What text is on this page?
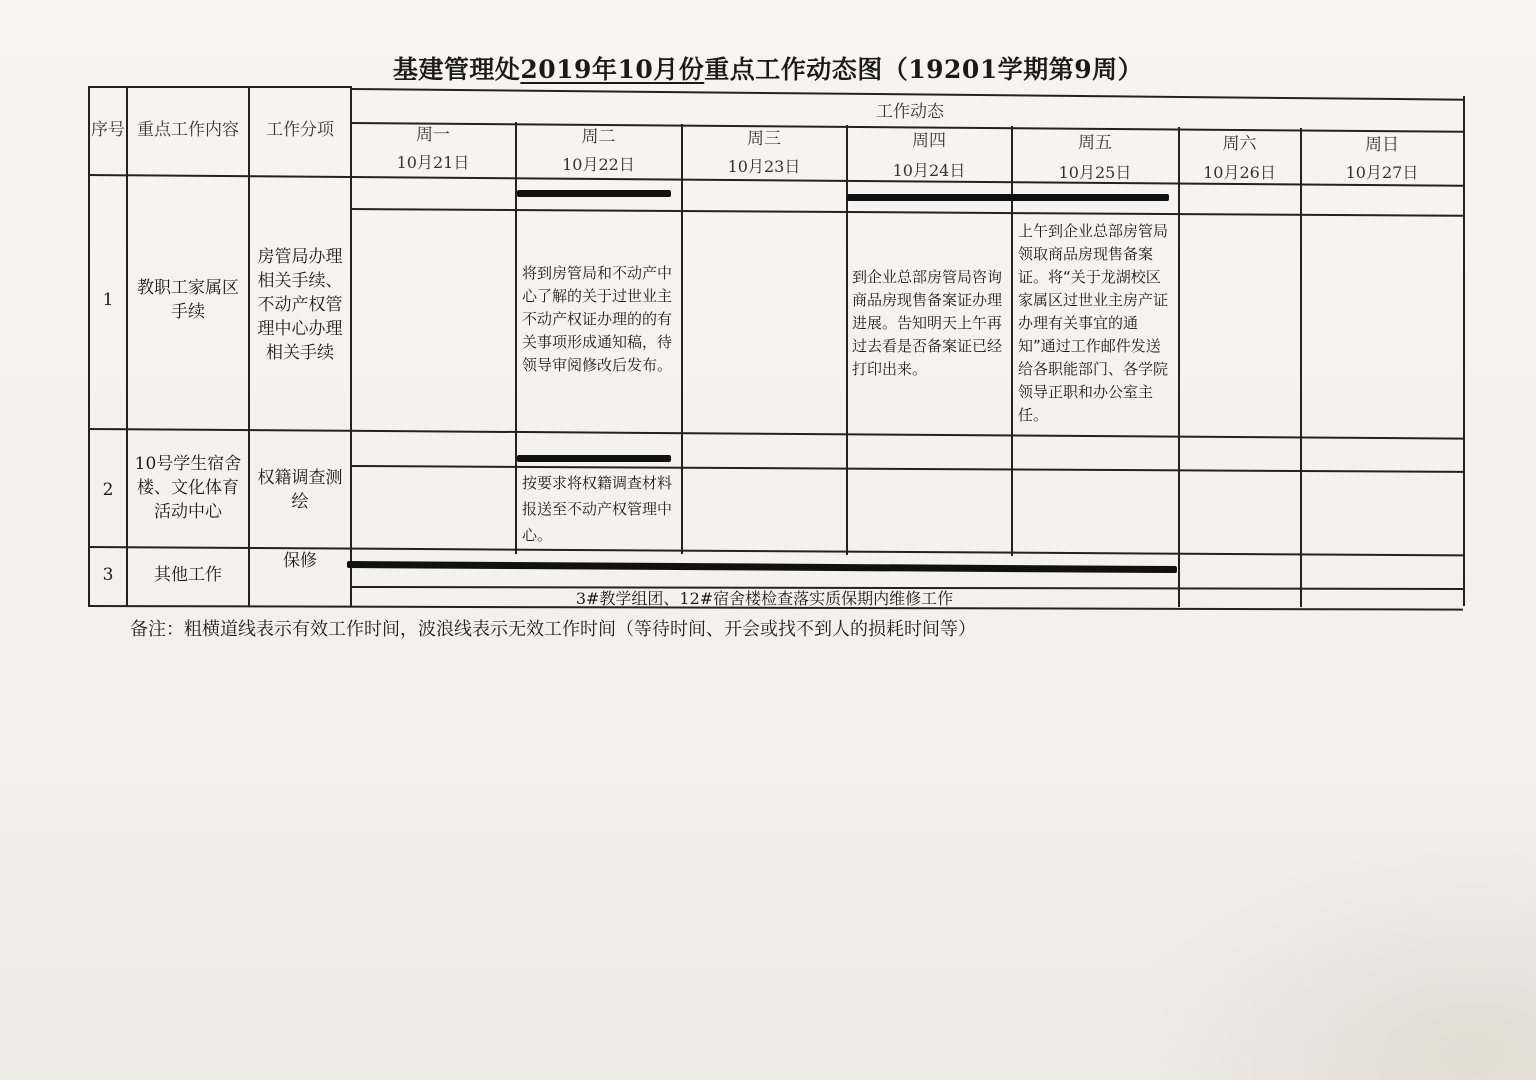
基建管理处2019年10月份重点工作动态图（19201学期第9周）
序号 重点工作内容	工作分项
工作动态
周一
10月21日
周二
10月22日
周三
10月23日
周四
10月24日
周五
10月25日
周六
10月26日
周日
10月27日
1
教职工家属区手续
房管局办理相关手续、不动产权管理中心办理相关手续
将到房管局和不动产中心了解的关于过世业主不动产权证办理的的有关事项形成通知稿，待领导审阅修改后发布。
到企业总部房管局咨询商品房现售备案证办理进展。告知明天上午再过去看是否备案证已经打印出来。
上午到企业总部房管局领取商品房现售备案证。将“关于龙湖校区家属区过世业主房产证办理有关事宜的通知”通过工作邮件发送给各职能部门、各学院领导正职和办公室主任。
2
10号学生宿舍楼、文化体育活动中心
权籍调查测绘
按要求将权籍调查材料报送至不动产权管理中心。
3	其他工作
保修
3#教学组团、12#宿舍楼检查落实质保期内维修工作
备注：粗横道线表示有效工作时间，波浪线表示无效工作时间（等待时间、开会或找不到人的损耗时间等）
